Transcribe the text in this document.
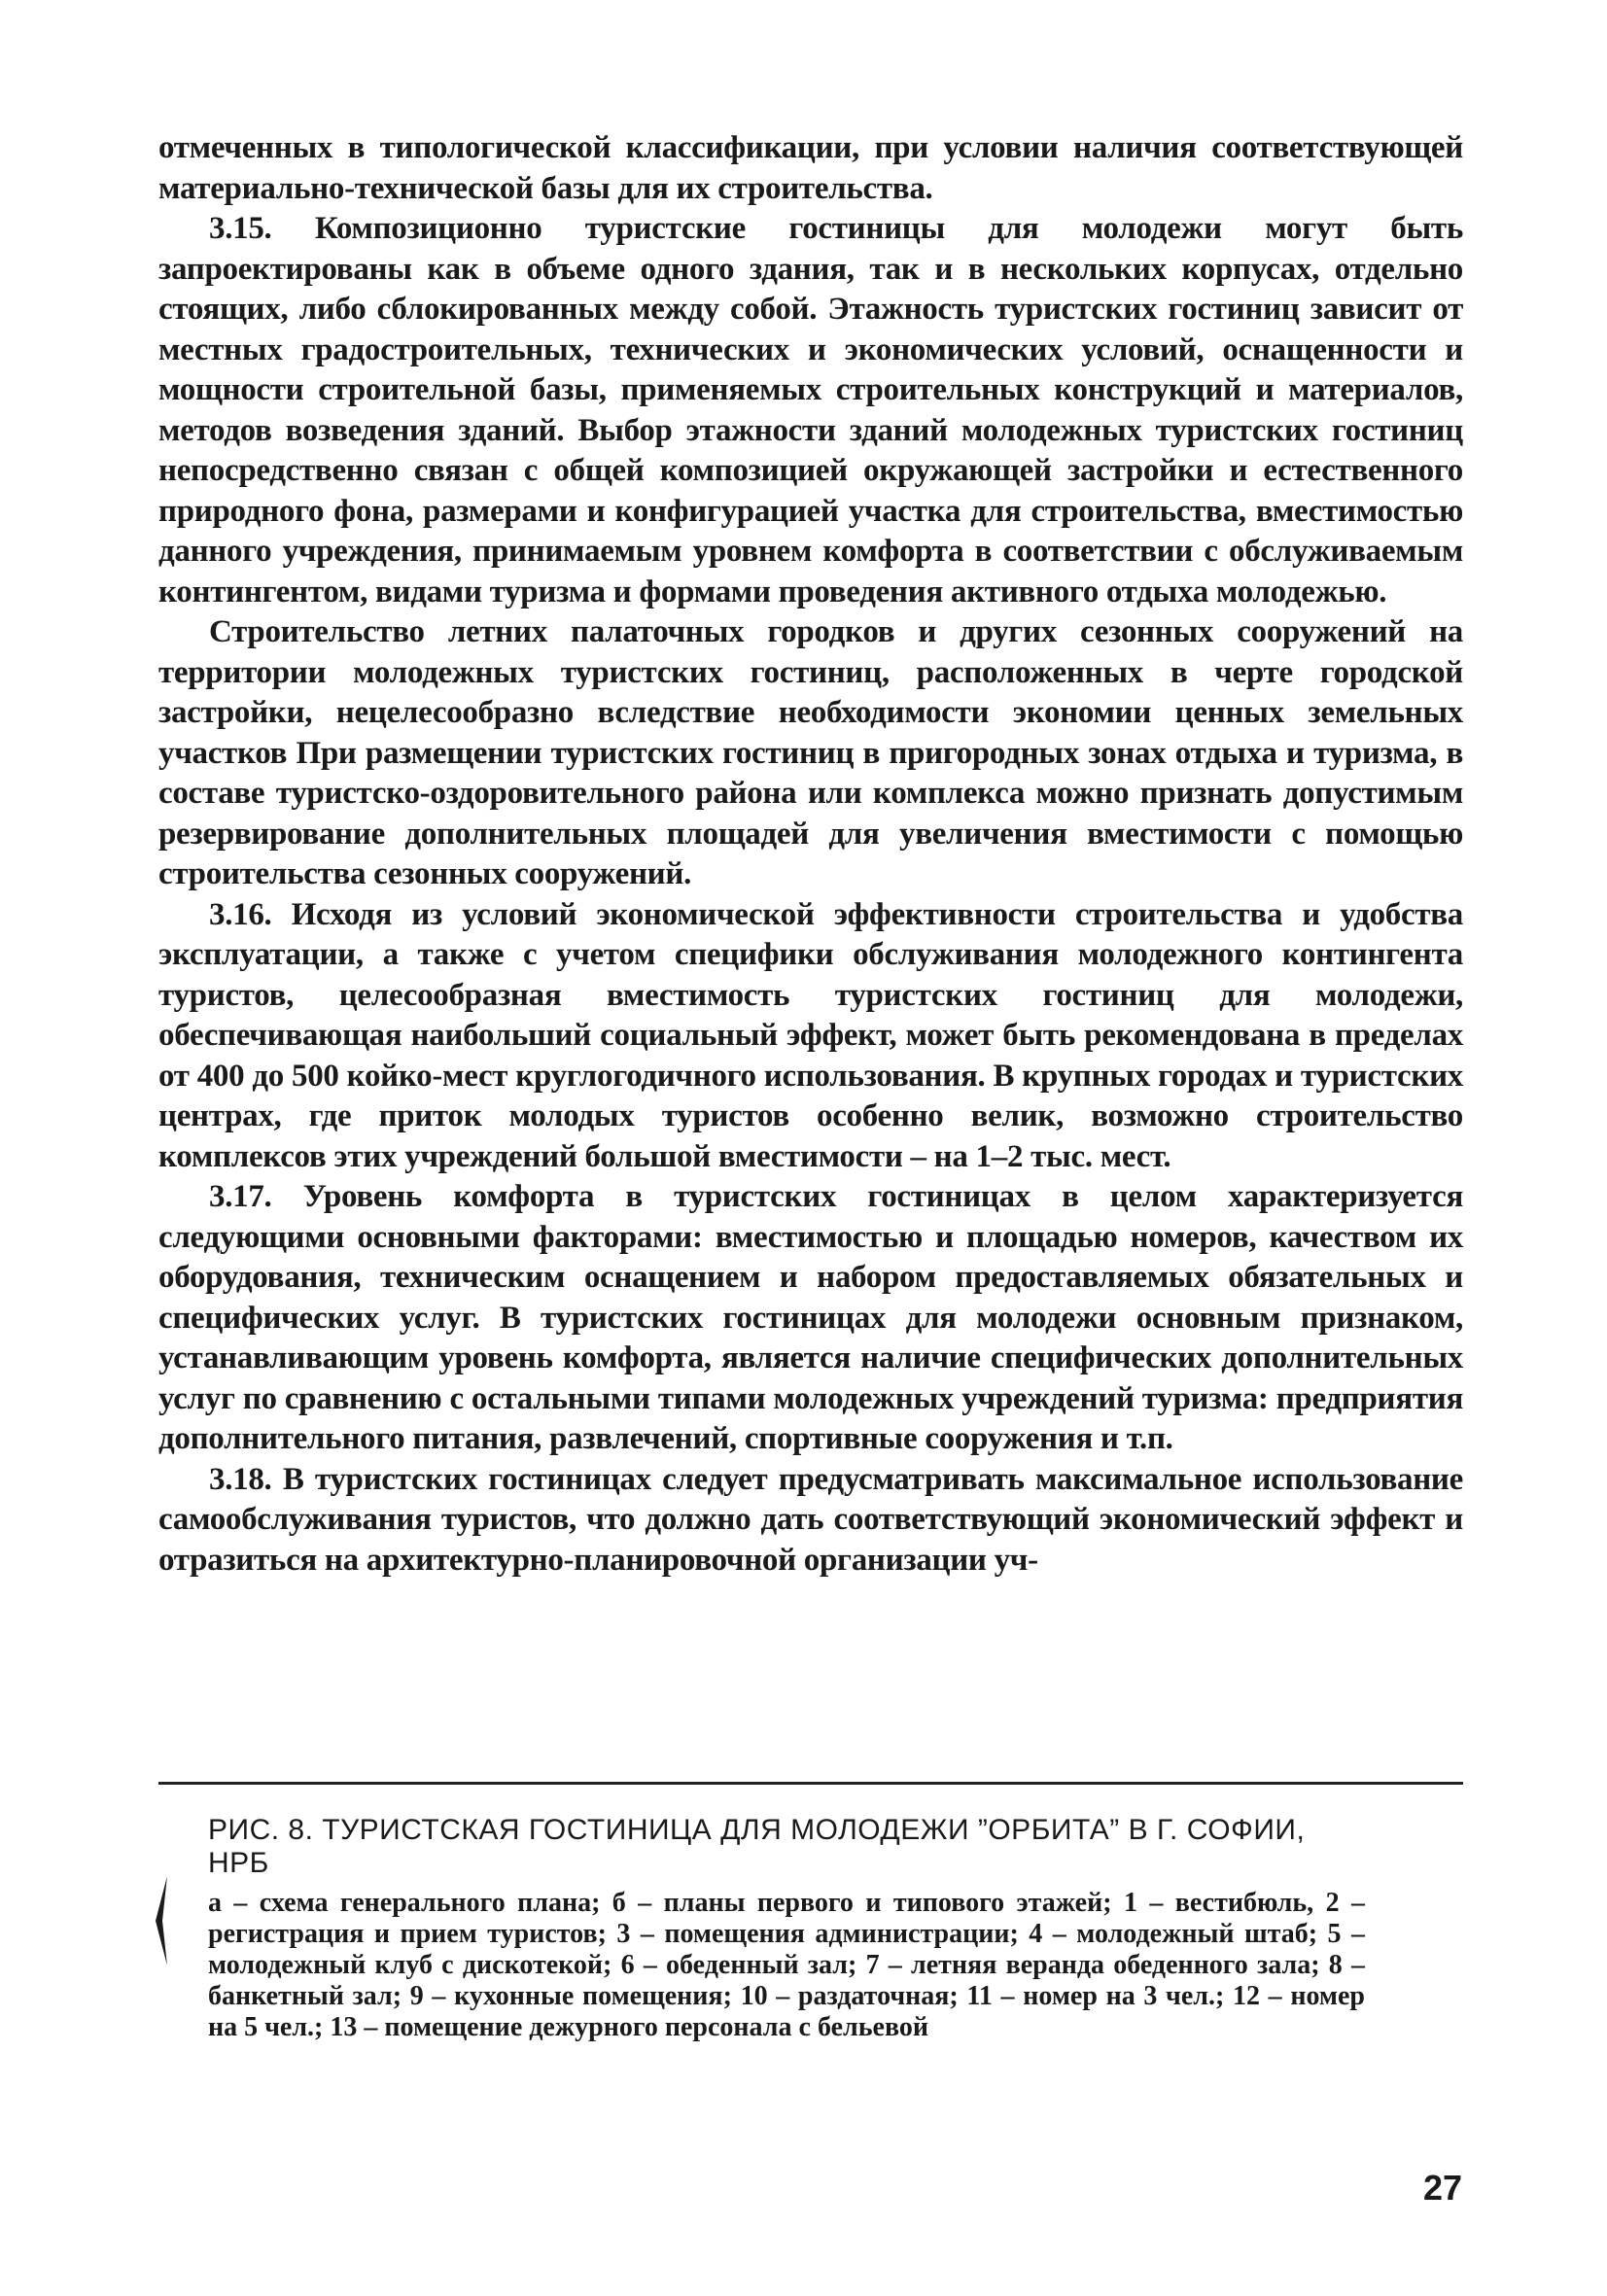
отмеченных в типологической классификации, при условии наличия соответствующей материально-технической базы для их строительства.

3.15. Композиционно туристские гостиницы для молодежи могут быть запроектированы как в объеме одного здания, так и в нескольких корпусах, отдельно стоящих, либо сблокированных между собой. Этажность туристских гостиниц зависит от местных градостроительных, технических и экономических условий, оснащенности и мощности строительной базы, применяемых строительных конструкций и материалов, методов возведения зданий. Выбор этажности зданий молодежных туристских гостиниц непосредственно связан с общей композицией окружающей застройки и естественного природного фона, размерами и конфигурацией участка для строительства, вместимостью данного учреждения, принимаемым уровнем комфорта в соответствии с обслуживаемым контингентом, видами туризма и формами проведения активного отдыха молодежью.

Строительство летних палаточных городков и других сезонных сооружений на территории молодежных туристских гостиниц, расположенных в черте городской застройки, нецелесообразно вследствие необходимости экономии ценных земельных участков При размещении туристских гостиниц в пригородных зонах отдыха и туризма, в составе туристско-оздоровительного района или комплекса можно признать допустимым резервирование дополнительных площадей для увеличения вместимости с помощью строительства сезонных сооружений.

3.16. Исходя из условий экономической эффективности строительства и удобства эксплуатации, а также с учетом специфики обслуживания молодежного контингента туристов, целесообразная вместимость туристских гостиниц для молодежи, обеспечивающая наибольший социальный эффект, может быть рекомендована в пределах от 400 до 500 койко-мест круглогодичного использования. В крупных городах и туристских центрах, где приток молодых туристов особенно велик, возможно строительство комплексов этих учреждений большой вместимости – на 1–2 тыс. мест.

3.17. Уровень комфорта в туристских гостиницах в целом характеризуется следующими основными факторами: вместимостью и площадью номеров, качеством их оборудования, техническим оснащением и набором предоставляемых обязательных и специфических услуг. В туристских гостиницах для молодежи основным признаком, устанавливающим уровень комфорта, является наличие специфических дополнительных услуг по сравнению с остальными типами молодежных учреждений туризма: предприятия дополнительного питания, развлечений, спортивные сооружения и т.п.

3.18. В туристских гостиницах следует предусматривать максимальное использование самообслуживания туристов, что должно дать соответствующий экономический эффект и отразиться на архитектурно-планировочной организации уч-

РИС. 8. ТУРИСТСКАЯ ГОСТИНИЦА ДЛЯ МОЛОДЕЖИ ”ОРБИТА” В Г. СОФИИ, НРБ

а – схема генерального плана; б – планы первого и типового этажей; 1 – вестибюль, 2 – регистрация и прием туристов; 3 – помещения администрации; 4 – молодежный штаб; 5 – молодежный клуб с дискотекой; 6 – обеденный зал; 7 – летняя веранда обеденного зала; 8 – банкетный зал; 9 – кухонные помещения; 10 – раздаточная; 11 – номер на 3 чел.; 12 – номер на 5 чел.; 13 – помещение дежурного персонала с бельевой

27
